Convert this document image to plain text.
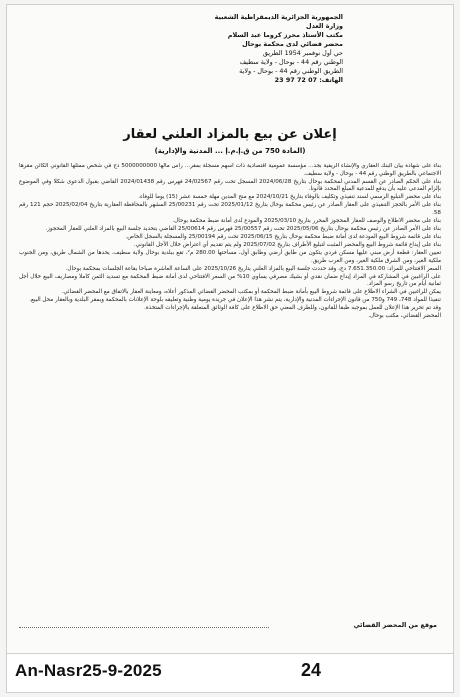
الجمهورية الجزائرية الديمقراطية الشعبية
وزارة العدل
مكتب الأستاذ محرز كروما عبد السلام
محضر قضائي لدى محكمة بوحال
حي أول نوفمبر 1954 الطريق
الوطني رقم 44 - بوحال - ولاية سطيف
الطريق الوطني رقم 44 - بوحال - ولاية
الهاتف: 07 72 97 23
إعلان عن بيع بالمزاد العلني لعقار
(المادة 750 من ق.إ.م.إ ... المدنية والإدارية)

بناء على شهادة بيان البنك العقاري والإنشاء الريفية بجد... مؤسسة عمومية اقتصادية ذات أسهم مسجلة بمقر... رأس مالها 5000000000 دج في شخص ممثلها القانوني الكائن مقرها الاجتماعي بالطريق الوطني رقم 44 - بوحال - ولاية سطيف.

بناء على الحكم الصادر عن القسم المدني لمحكمة بوحال بتاريخ 2024/06/28 المسجل تحت رقم 24/02567 فهرس رقم 2024/01438 القاضي بقبول الدعوى شكلا وفي الموضوع بإلزام المدعى عليه بأن يدفع للمدعية المبلغ المحدد قانونا.

بناء على محضر التبليغ الرسمي لسند تنفيذي وتكليف بالوفاء بتاريخ 2024/10/21 مع منح المدين مهلة خمسة عشر (15) يوما للوفاء.

بناء على الأمر بالحجز التنفيذي على العقار الصادر عن رئيس محكمة بوحال بتاريخ 2025/01/12 تحت رقم 25/00231 المشهر بالمحافظة العقارية بتاريخ 2025/02/04 حجم 121 رقم 58.

بناء على محضر الاطلاع والوصف للعقار المحجوز المحرر بتاريخ 2025/03/10 والمودع لدى أمانة ضبط محكمة بوحال.

بناء على الأمر الصادر عن رئيس محكمة بوحال بتاريخ 2025/05/06 تحت رقم 25/00557 فهرس رقم 25/00614 القاضي بتحديد جلسة البيع بالمزاد العلني للعقار المحجوز.

بناء على قائمة شروط البيع المودعة لدى أمانة ضبط محكمة بوحال بتاريخ 2025/06/15 تحت رقم 25/00194 والمسجلة بالسجل الخاص.

بناء على إيداع قائمة شروط البيع والمحضر المثبت لتبليغ الأطراف بتاريخ 2025/07/02 ولم يتم تقديم أي اعتراض خلال الأجل القانوني.

تعيين العقار: قطعة أرض مبني عليها مسكن فردي يتكون من طابق أرضي وطابق أول، مساحتها 280.00 م²، تقع ببلدية بوحال ولاية سطيف، يحدها من الشمال طريق، ومن الجنوب ملكية الغير، ومن الشرق ملكية الغير، ومن الغرب طريق.

السعر الافتتاحي للمزاد: 7.651.350.00 دج، وقد حددت جلسة البيع بالمزاد العلني بتاريخ 2025/10/26 على الساعة العاشرة صباحا بقاعة الجلسات بمحكمة بوحال.

على الراغبين في المشاركة في المزاد إيداع ضمان نقدي أو بشيك مصرفي يساوي 10% من السعر الافتتاحي لدى أمانة ضبط المحكمة مع تسديد الثمن كاملا ومصاريف البيع خلال أجل ثمانية أيام من تاريخ رسو المزاد.

يمكن للراغبين في الشراء الاطلاع على قائمة شروط البيع بأمانة ضبط المحكمة أو بمكتب المحضر القضائي المذكور أعلاه، ومعاينة العقار بالاتفاق مع المحضر القضائي.

تنفيذا للمواد 748، 749 و750 من قانون الإجراءات المدنية والإدارية، يتم نشر هذا الإعلان في جريدة يومية وطنية وتعليقه بلوحة الإعلانات بالمحكمة وبمقر البلدية وبالعقار محل البيع.

وقد تم تحرير هذا الإعلان للعمل بموجبه طبقا للقانون، وللطرف المعني حق الاطلاع على كافة الوثائق المتعلقة بالإجراءات المتخذة.

المحضر القضائي، مكتب بوحال.

موقع من المحضر القضائي
An-Nasr25-9-2025	24
